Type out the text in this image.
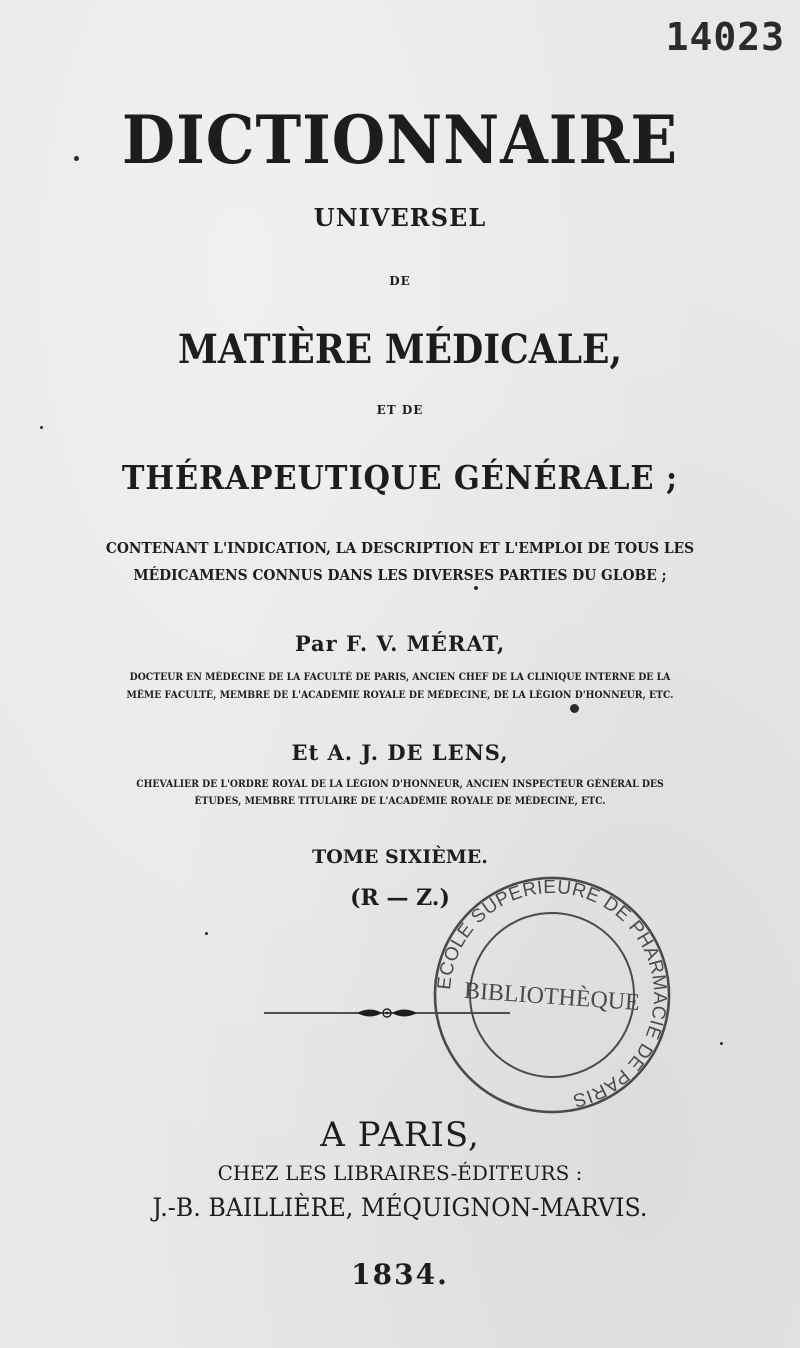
14023
DICTIONNAIRE
UNIVERSEL
DE
MATIÈRE MÉDICALE,
ET DE
THÉRAPEUTIQUE GÉNÉRALE ;
CONTENANT L'INDICATION, LA DESCRIPTION ET L'EMPLOI DE TOUS LES
MÉDICAMENS CONNUS DANS LES DIVERSES PARTIES DU GLOBE ;
Par F. V. MÉRAT,
DOCTEUR EN MÉDECINE DE LA FACULTÉ DE PARIS, ANCIEN CHEF DE LA CLINIQUE INTERNE DE LA
MÊME FACULTÉ, MEMBRE DE L'ACADÉMIE ROYALE DE MÉDECINE, DE LA LÉGION D'HONNEUR, ETC.
Et A. J. DE LENS,
CHEVALIER DE L'ORDRE ROYAL DE LA LÉGION D'HONNEUR, ANCIEN INSPECTEUR GÉNÉRAL DES
ÉTUDES, MEMBRE TITULAIRE DE L'ACADÉMIE ROYALE DE MÉDECINE, ETC.
TOME SIXIÈME.
(R — Z.)
ÉCOLE SUPÉRIEURE DE PHARMACIE DE PARIS
BIBLIOTHÈQUE
A PARIS,
CHEZ LES LIBRAIRES-ÉDITEURS :
J.-B. BAILLIÈRE, MÉQUIGNON-MARVIS.
1834.
